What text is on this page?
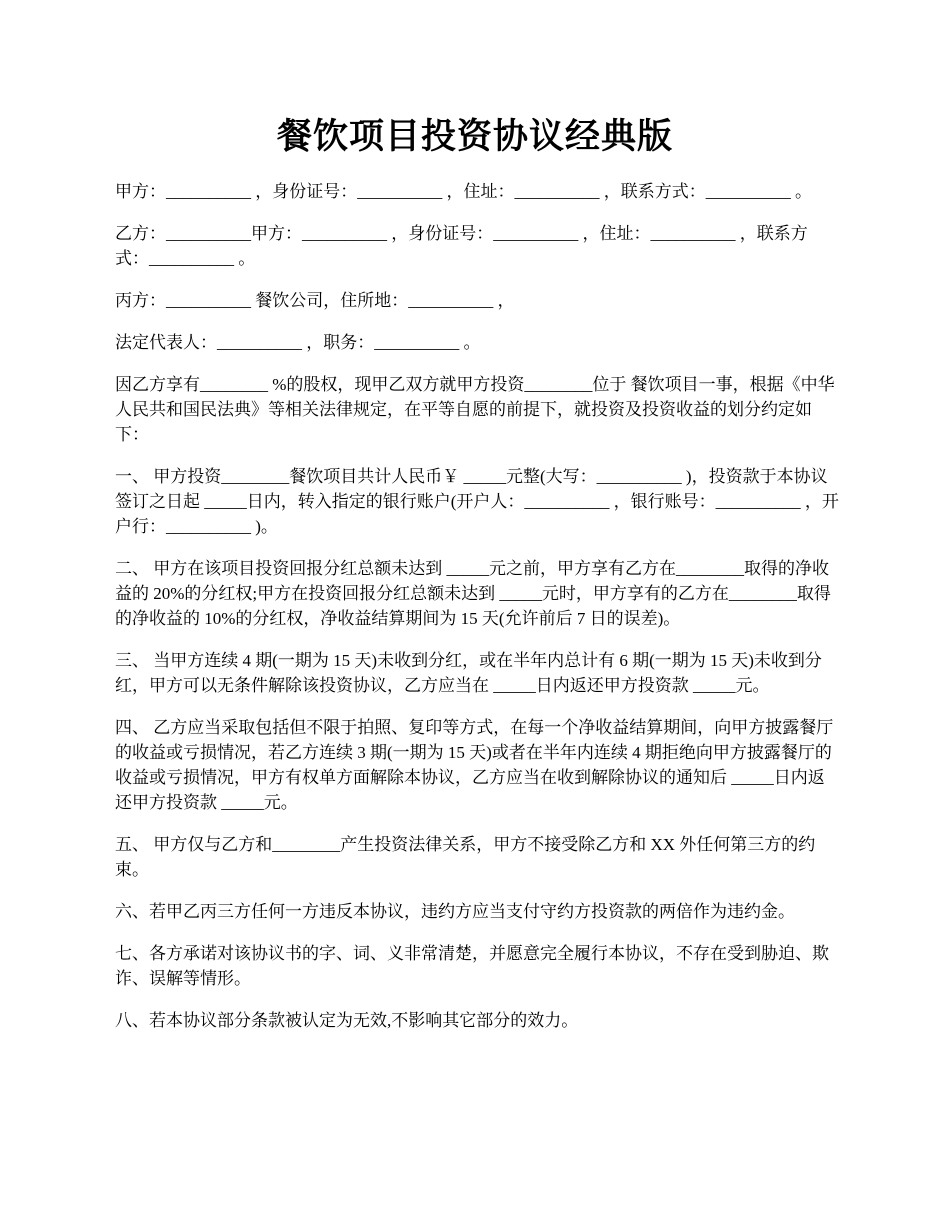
餐饮项目投资协议经典版

甲方：__________ ，身份证号：__________ ，住址：__________ ，联系方式：__________ 。

乙方：__________甲方：__________ ，身份证号：__________ ，住址：__________ ，联系方式：__________ 。

丙方：__________ 餐饮公司，住所地：__________ ，

法定代表人：__________ ，职务：__________ 。

因乙方享有________ %的股权，现甲乙双方就甲方投资________位于 餐饮项目一事，根据《中华人民共和国民法典》等相关法律规定，在平等自愿的前提下，就投资及投资收益的划分约定如下：

一、 甲方投资________餐饮项目共计人民币￥ _____元整(大写：__________ )，投资款于本协议签订之日起 _____日内，转入指定的银行账户(开户人：__________ ，银行账号：__________ ，开户行：__________ )。

二、 甲方在该项目投资回报分红总额未达到 _____元之前，甲方享有乙方在________取得的净收益的 20%的分红权;甲方在投资回报分红总额未达到 _____元时，甲方享有的乙方在________取得的净收益的 10%的分红权，净收益结算期间为 15 天(允许前后 7 日的误差)。

三、 当甲方连续 4 期(一期为 15 天)未收到分红，或在半年内总计有 6 期(一期为 15 天)未收到分红，甲方可以无条件解除该投资协议，乙方应当在 _____日内返还甲方投资款 _____元。

四、 乙方应当采取包括但不限于拍照、复印等方式，在每一个净收益结算期间，向甲方披露餐厅的收益或亏损情况，若乙方连续 3 期(一期为 15 天)或者在半年内连续 4 期拒绝向甲方披露餐厅的收益或亏损情况，甲方有权单方面解除本协议，乙方应当在收到解除协议的通知后 _____日内返还甲方投资款 _____元。

五、 甲方仅与乙方和________产生投资法律关系，甲方不接受除乙方和 XX 外任何第三方的约束。

六、若甲乙丙三方任何一方违反本协议，违约方应当支付守约方投资款的两倍作为违约金。

七、各方承诺对该协议书的字、词、义非常清楚，并愿意完全履行本协议，不存在受到胁迫、欺诈、误解等情形。

八、若本协议部分条款被认定为无效,不影响其它部分的效力。
